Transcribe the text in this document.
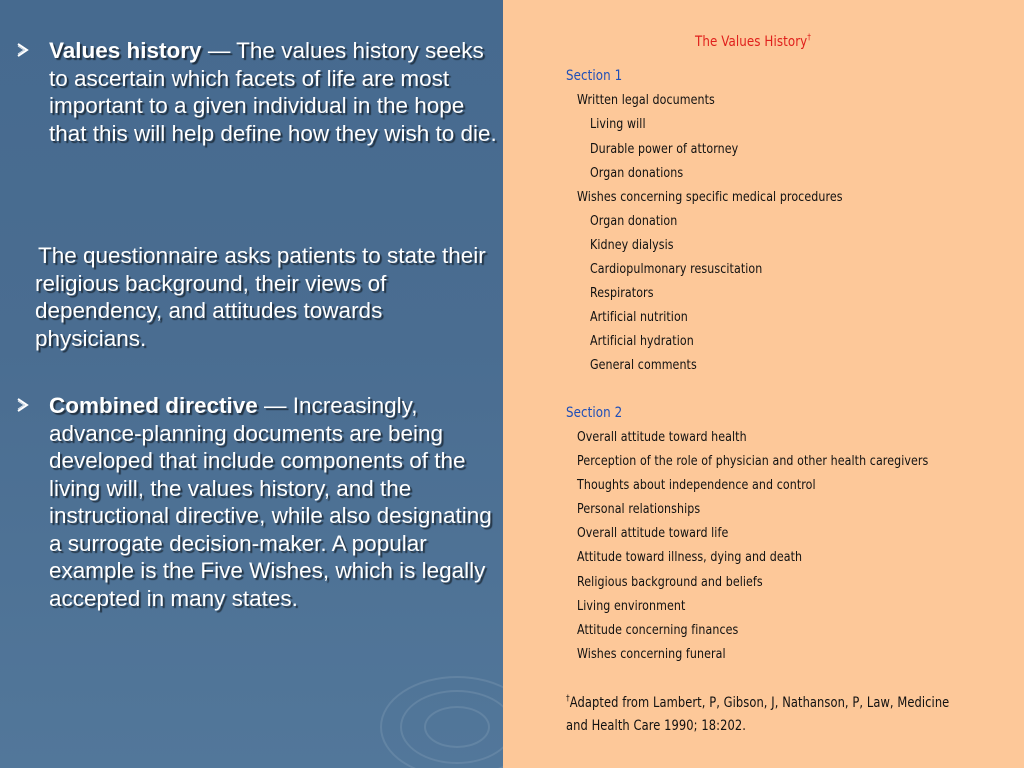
Values history — The values history seeks to ascertain which facets of life are most important to a given individual in the hope that this will help define how they wish to die.
The questionnaire asks patients to state their religious background, their views of dependency, and attitudes towards physicians.
Combined directive — Increasingly, advance-planning documents are being developed that include components of the living will, the values history, and the instructional directive, while also designating a surrogate decision-maker. A popular example is the Five Wishes, which is legally accepted in many states.
The Values History†
Section 1
Written legal documents
Living will
Durable power of attorney
Organ donations
Wishes concerning specific medical procedures
Organ donation
Kidney dialysis
Cardiopulmonary resuscitation
Respirators
Artificial nutrition
Artificial hydration
General comments
Section 2
Overall attitude toward health
Perception of the role of physician and other health caregivers
Thoughts about independence and control
Personal relationships
Overall attitude toward life
Attitude toward illness, dying and death
Religious background and beliefs
Living environment
Attitude concerning finances
Wishes concerning funeral
†Adapted from Lambert, P, Gibson, J, Nathanson, P, Law, Medicine
and Health Care 1990; 18:202.
